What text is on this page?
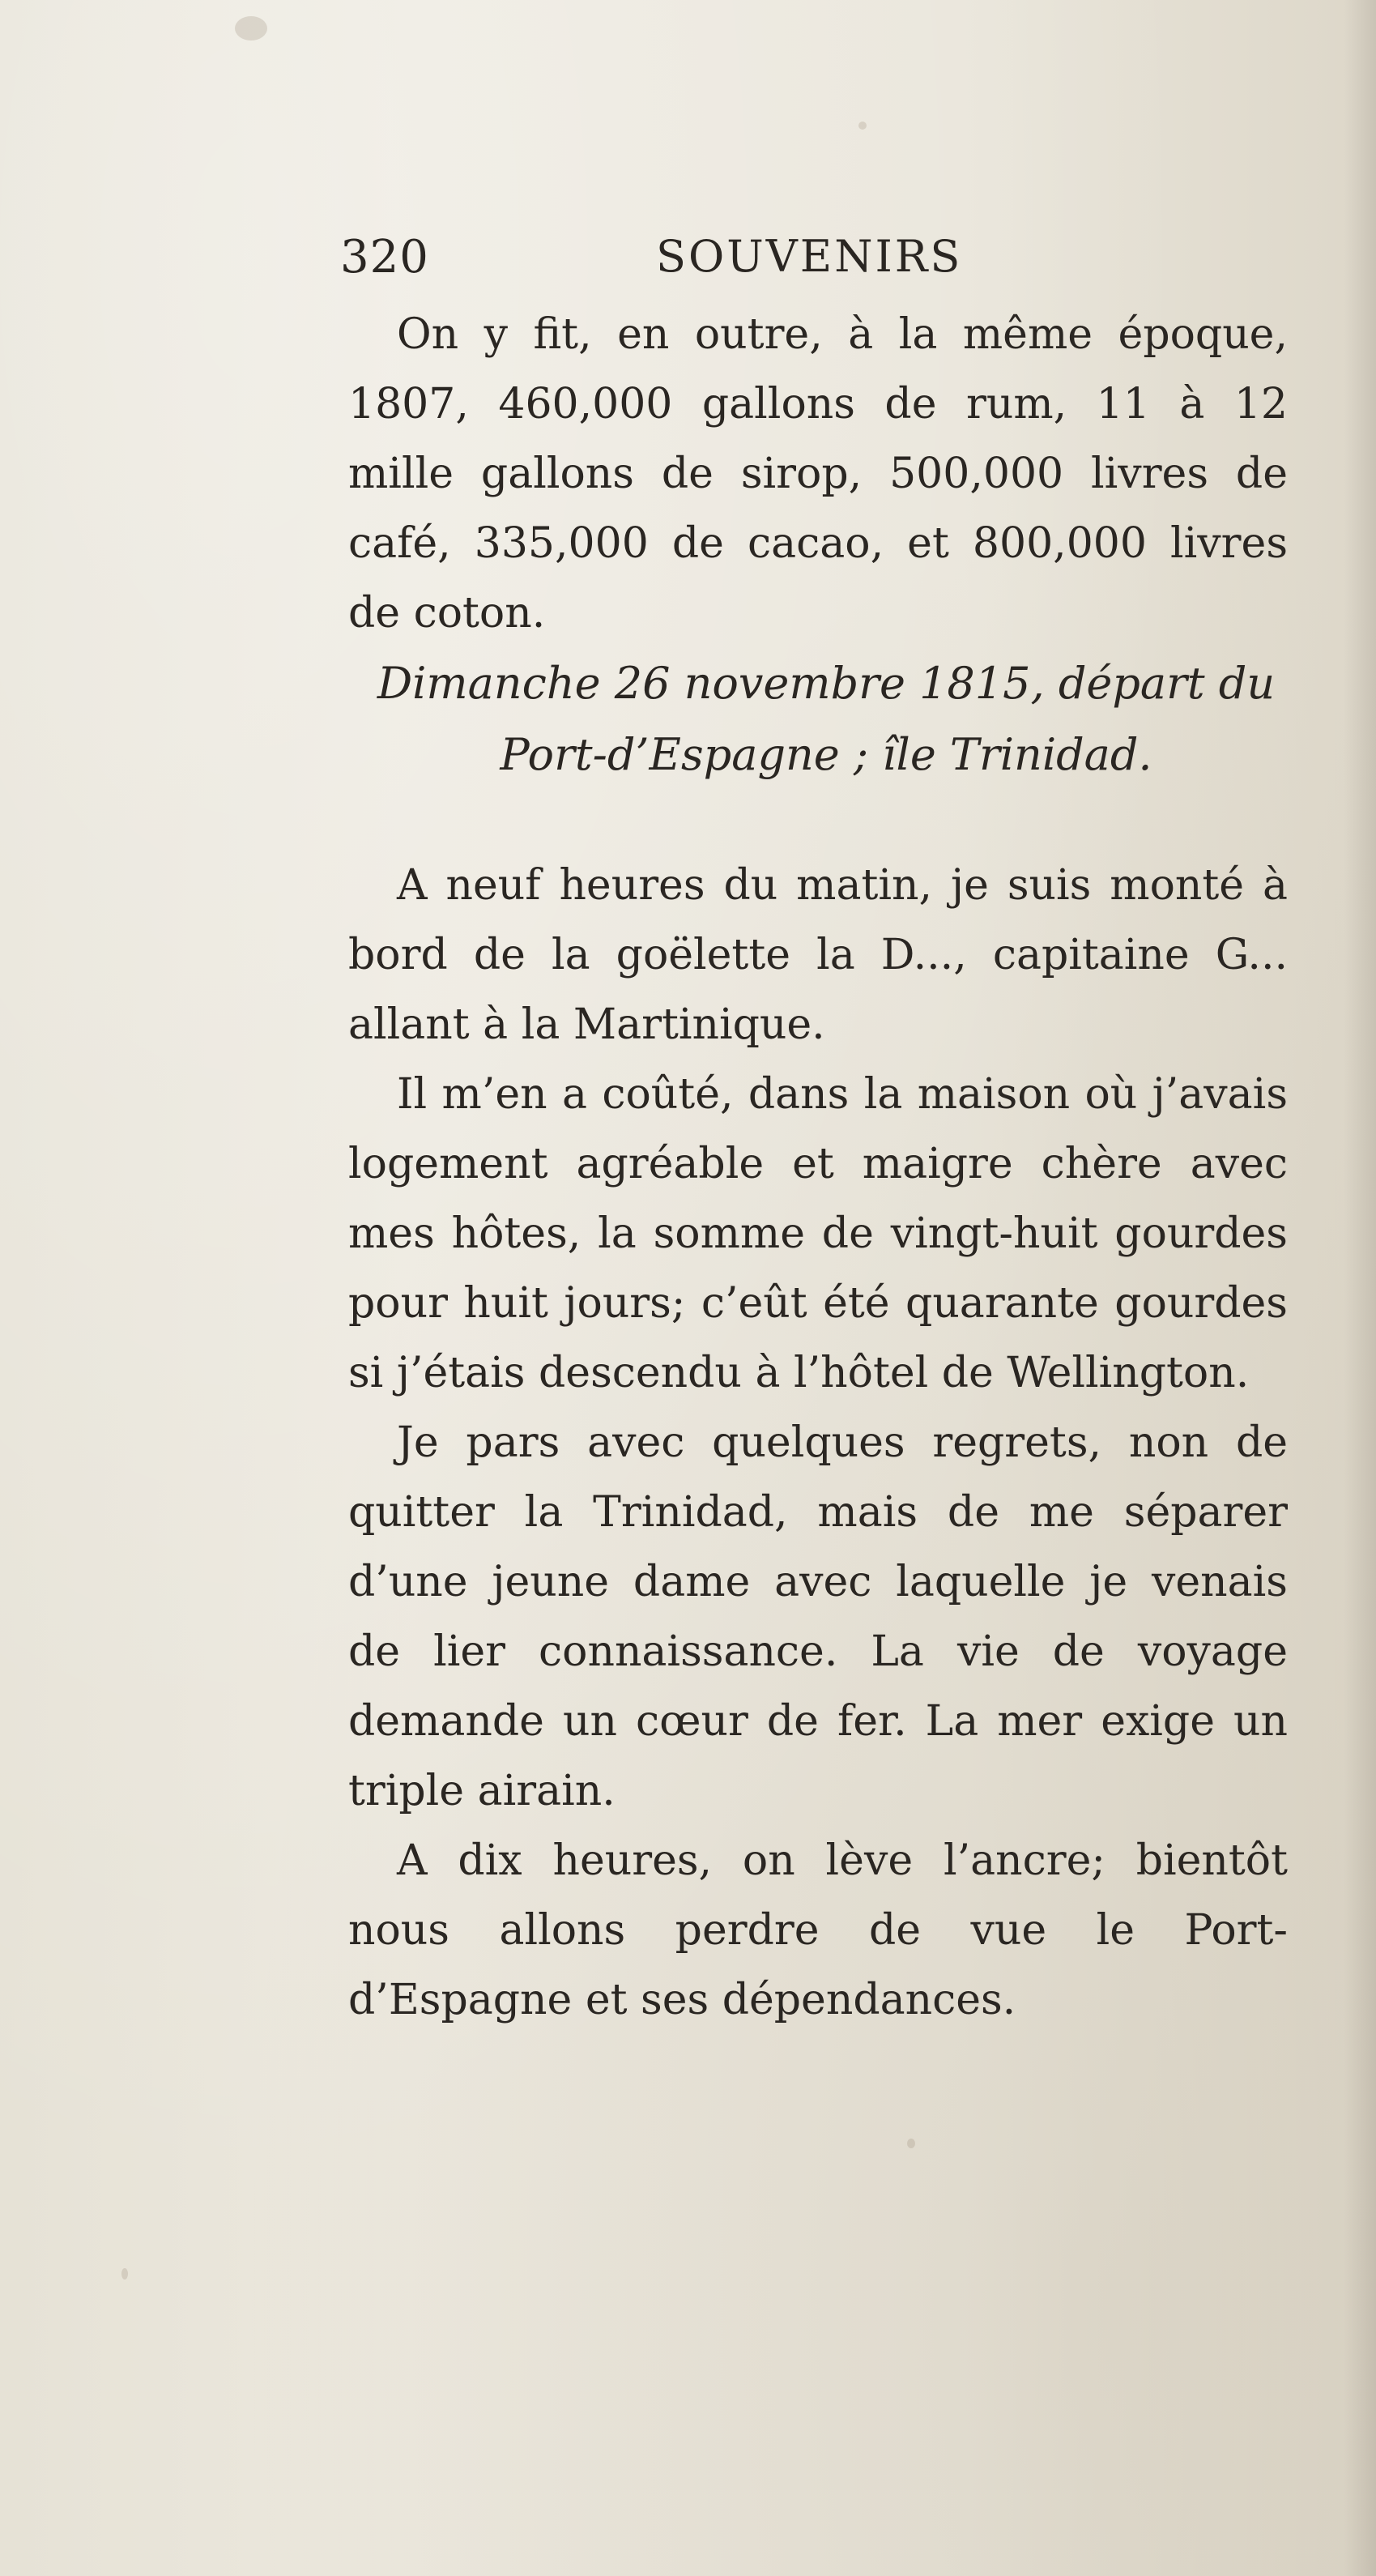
320	SOUVENIRS

On y fit, en outre, à la même époque, 1807, 460,000 gallons de rum, 11 à 12 mille gallons de sirop, 500,000 livres de café, 335,000 de cacao, et 800,000 livres de coton.

Dimanche 26 novembre 1815, départ du
Port-d’Espagne ; île Trinidad.

A neuf heures du matin, je suis monté à bord de la goëlette la D..., capitaine G... allant à la Martinique.

Il m’en a coûté, dans la maison où j’avais logement agréable et maigre chère avec mes hôtes, la somme de vingt-huit gourdes pour huit jours; c’eût été quarante gourdes si j’étais descendu à l’hôtel de Wellington.

Je pars avec quelques regrets, non de quitter la Trinidad, mais de me séparer d’une jeune dame avec laquelle je venais de lier connaissance. La vie de voyage demande un cœur de fer. La mer exige un triple airain.

A dix heures, on lève l’ancre; bientôt nous allons perdre de vue le Port-d’Espagne et ses dépendances.
